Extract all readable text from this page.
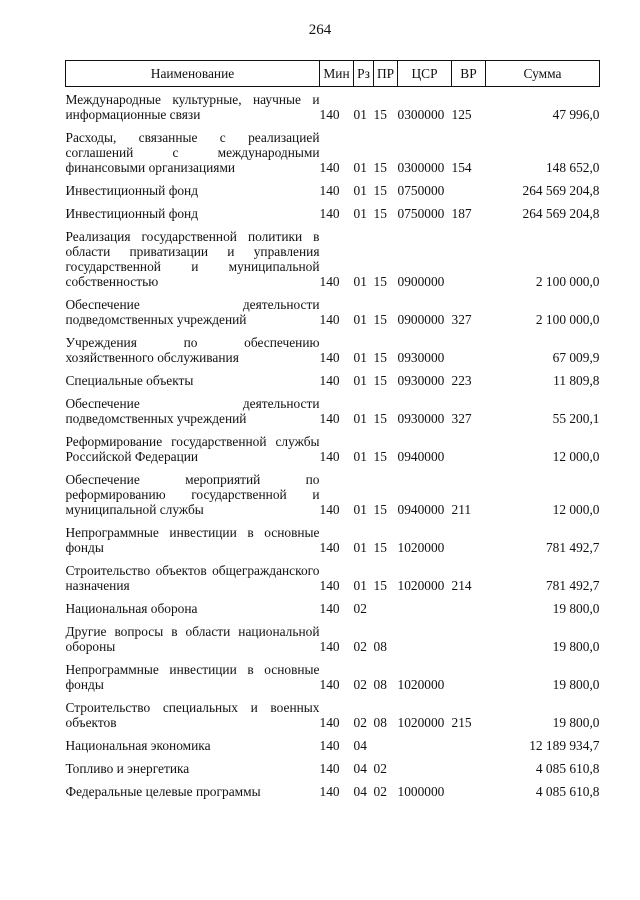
264
Наименование	Мин	Рз	ПР	ЦСР	ВР	Сумма
Международные культурные, научные и информационные связи	140	01	15	0300000	125	47 996,0
Расходы, связанные с реализацией соглашений с международными финансовыми организациями	140	01	15	0300000	154	148 652,0
Инвестиционный фонд	140	01	15	0750000		264 569 204,8
Инвестиционный фонд	140	01	15	0750000	187	264 569 204,8
Реализация государственной политики в области приватизации и управления государственной и муниципальной собственностью	140	01	15	0900000		2 100 000,0
Обеспечение деятельности подведомственных учреждений	140	01	15	0900000	327	2 100 000,0
Учреждения по обеспечению хозяйственного обслуживания	140	01	15	0930000		67 009,9
Специальные объекты	140	01	15	0930000	223	11 809,8
Обеспечение деятельности подведомственных учреждений	140	01	15	0930000	327	55 200,1
Реформирование государственной службы Российской Федерации	140	01	15	0940000		12 000,0
Обеспечение мероприятий по реформированию государственной и муниципальной службы	140	01	15	0940000	211	12 000,0
Непрограммные инвестиции в основные фонды	140	01	15	1020000		781 492,7
Строительство объектов общегражданского назначения	140	01	15	1020000	214	781 492,7
Национальная оборона	140	02				19 800,0
Другие вопросы в области национальной обороны	140	02	08			19 800,0
Непрограммные инвестиции в основные фонды	140	02	08	1020000		19 800,0
Строительство специальных и военных объектов	140	02	08	1020000	215	19 800,0
Национальная экономика	140	04				12 189 934,7
Топливо и энергетика	140	04	02			4 085 610,8
Федеральные целевые программы	140	04	02	1000000		4 085 610,8
